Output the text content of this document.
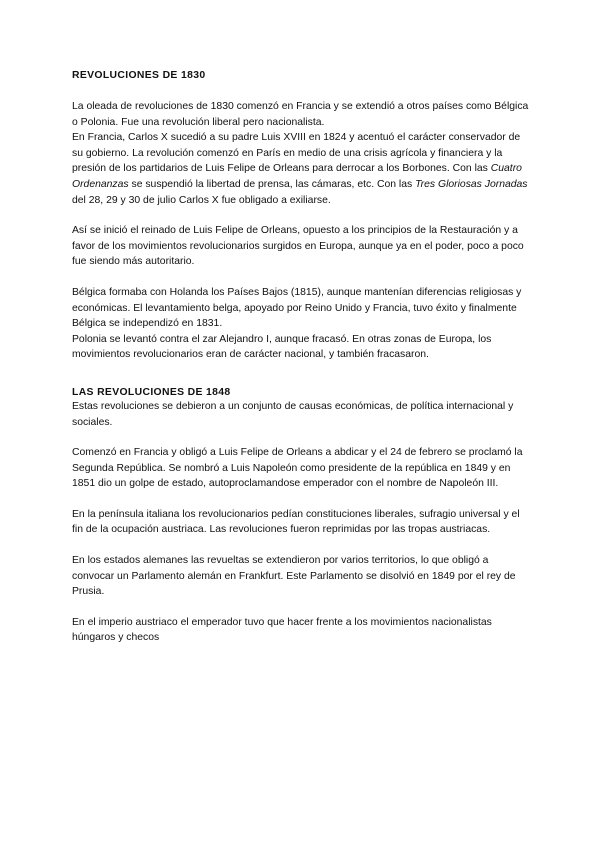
REVOLUCIONES DE 1830

La oleada de revoluciones de 1830 comenzó en Francia y se extendió a otros países como Bélgica o Polonia. Fue una revolución liberal pero nacionalista.

En Francia, Carlos X sucedió a su padre Luis XVIII en 1824 y acentuó el carácter conservador de su gobierno. La revolución comenzó en París en medio de una crisis agrícola y financiera y la presión de los partidarios de Luis Felipe de Orleans para derrocar a los Borbones. Con las Cuatro Ordenanzas se suspendió la libertad de prensa, las cámaras, etc. Con las Tres Gloriosas Jornadas del 28, 29 y 30 de julio Carlos X fue obligado a exiliarse.

Así se inició el reinado de Luis Felipe de Orleans, opuesto a los principios de la Restauración y a favor de los movimientos revolucionarios surgidos en Europa, aunque ya en el poder, poco a poco fue siendo más autoritario.

Bélgica formaba con Holanda los Países Bajos (1815), aunque mantenían diferencias religiosas y económicas. El levantamiento belga, apoyado por Reino Unido y Francia, tuvo éxito y finalmente Bélgica se independizó en 1831.

Polonia se levantó contra el zar Alejandro I, aunque fracasó. En otras zonas de Europa, los movimientos revolucionarios eran de carácter nacional, y también fracasaron.

LAS REVOLUCIONES DE 1848

Estas revoluciones se debieron a un conjunto de causas económicas, de política internacional y sociales.

Comenzó en Francia y obligó a Luis Felipe de Orleans a abdicar y el 24 de febrero se proclamó la Segunda República. Se nombró a Luis Napoleón como presidente de la república en 1849 y en 1851 dio un golpe de estado, autoproclamandose emperador con el nombre de Napoleón III.

En la península italiana los revolucionarios pedían constituciones liberales, sufragio universal y el fin de la ocupación austriaca. Las revoluciones fueron reprimidas por las tropas austriacas.

En los estados alemanes las revueltas se extendieron por varios territorios, lo que obligó a convocar un Parlamento alemán en Frankfurt. Este Parlamento se disolvió en 1849 por el rey de Prusia.

En el imperio austriaco el emperador tuvo que hacer frente a los movimientos nacionalistas húngaros y checos
